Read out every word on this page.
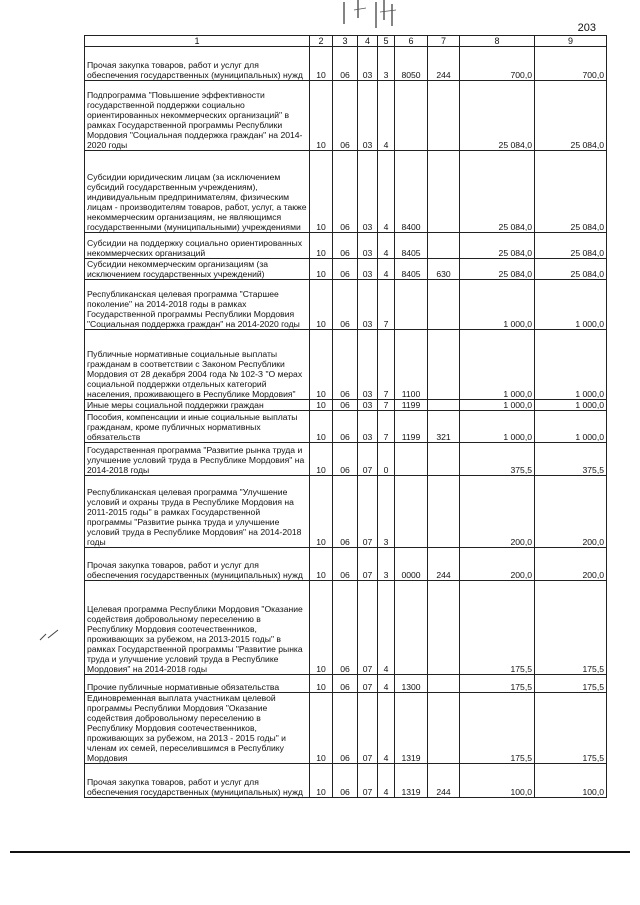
203
1	2	3	4	5	6	7	8	9
Прочая закупка товаров, работ и услуг для обеспечения государственных (муниципальных) нужд	10	06	03	3	8050	244	700,0	700,0
Подпрограмма "Повышение эффективности государственной поддержки социально ориентированных некоммерческих организаций" в рамках Государственной программы Республики Мордовия "Социальная поддержка граждан" на 2014-2020 годы	10	06	03	4			25 084,0	25 084,0
Субсидии юридическим лицам (за исключением субсидий государственным учреждениям), индивидуальным предпринимателям, физическим лицам - производителям товаров, работ, услуг, а также некоммерческим организациям, не являющимся государственными (муниципальными) учреждениями	10	06	03	4	8400		25 084,0	25 084,0
Субсидии на поддержку социально ориентированных некоммерческих организаций	10	06	03	4	8405		25 084,0	25 084,0
Субсидии некоммерческим организациям (за исключением государственных учреждений)	10	06	03	4	8405	630	25 084,0	25 084,0
Республиканская целевая программа "Старшее поколение" на 2014-2018 годы в рамках Государственной программы Республики Мордовия "Социальная поддержка граждан" на 2014-2020 годы	10	06	03	7			1 000,0	1 000,0
Публичные нормативные социальные выплаты гражданам в соответствии с Законом Республики Мордовия от 28 декабря 2004 года № 102-З "О мерах социальной поддержки отдельных категорий населения, проживающего в Республике Мордовия"	10	06	03	7	1100		1 000,0	1 000,0
Иные меры социальной поддержки граждан	10	06	03	7	1199		1 000,0	1 000,0
Пособия, компенсации и иные социальные выплаты гражданам, кроме публичных нормативных обязательств	10	06	03	7	1199	321	1 000,0	1 000,0
Государственная программа "Развитие рынка труда и улучшение условий труда в Республике Мордовия" на 2014-2018 годы	10	06	07	0			375,5	375,5
Республиканская целевая программа "Улучшение условий и охраны труда в Республике Мордовия на 2011-2015 годы" в рамках Государственной программы "Развитие рынка труда и улучшение условий труда в Республике Мордовия" на 2014-2018 годы	10	06	07	3			200,0	200,0
Прочая закупка товаров, работ и услуг для обеспечения государственных (муниципальных) нужд	10	06	07	3	0000	244	200,0	200,0
Целевая программа Республики Мордовия "Оказание содействия добровольному переселению в Республику Мордовия соотечественников, проживающих за рубежом, на 2013-2015 годы" в рамках Государственной программы "Развитие рынка труда и улучшение условий труда в Республике Мордовия" на 2014-2018 годы	10	06	07	4			175,5	175,5
Прочие публичные нормативные обязательства	10	06	07	4	1300		175,5	175,5
Единовременная выплата участникам целевой программы Республики Мордовия "Оказание содействия добровольному переселению в Республику Мордовия соотечественников, проживающих за рубежом, на 2013 - 2015 годы" и членам их семей, переселившимся в Республику Мордовия	10	06	07	4	1319		175,5	175,5
Прочая закупка товаров, работ и услуг для обеспечения государственных (муниципальных) нужд	10	06	07	4	1319	244	100,0	100,0
